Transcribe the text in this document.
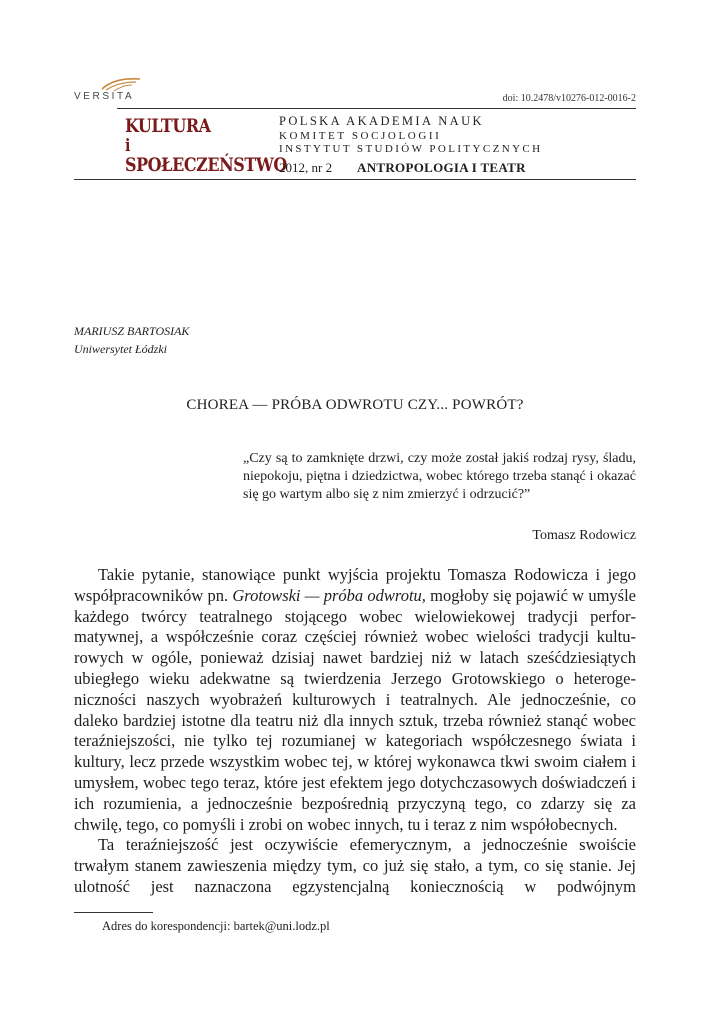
VERSITA	doi: 10.2478/v10276-012-0016-2
KULTURA
i
SPOŁECZEŃSTWO
POLSKA AKADEMIA NAUK
KOMITET SOCJOLOGII
INSTYTUT STUDIÓW POLITYCZNYCH
2012, nr 2 ANTROPOLOGIA I TEATR
MARIUSZ BARTOSIAK
Uniwersytet Łódzki
CHOREA — PRÓBA ODWROTU CZY... POWRÓT?
„Czy są to zamknięte drzwi, czy może został jakiś rodzaj rysy, śladu, niepokoju, piętna i dziedzictwa, wobec którego trzeba stanąć i okazać się go wartym albo się z nim zmierzyć i odrzucić?”
Tomasz Rodowicz

Takie pytanie, stanowiące punkt wyjścia projektu Tomasza Rodowicza i jego współpracowników pn. Grotowski — próba odwrotu, mogłoby się pojawić w umyśle każdego twórcy teatralnego stojącego wobec wielowiekowej tradycji performatywnej, a współcześnie coraz częściej również wobec wielości tradycji kulturowych w ogóle, ponieważ dzisiaj nawet bardziej niż w latach sześćdziesiątych ubiegłego wieku adekwatne są twierdzenia Jerzego Grotowskiego o heterogeniczności naszych wyobrażeń kulturowych i teatralnych. Ale jednocześnie, co daleko bardziej istotne dla teatru niż dla innych sztuk, trzeba również stanąć wobec teraźniejszości, nie tylko tej rozumianej w kategoriach współczesnego świata i kultury, lecz przede wszystkim wobec tej, w której wykonawca tkwi swoim ciałem i umysłem, wobec tego teraz, które jest efektem jego dotychczasowych doświadczeń i ich rozumienia, a jednocześnie bezpośrednią przyczyną tego, co zdarzy się za chwilę, tego, co pomyśli i zrobi on wobec innych, tu i teraz z nim współobecnych.

Ta teraźniejszość jest oczywiście efemerycznym, a jednocześnie swoiście trwałym stanem zawieszenia między tym, co już się stało, a tym, co się stanie. Jej ulotność jest naznaczona egzystencjalną koniecznością w podwójnym

Adres do korespondencji: bartek@uni.lodz.pl
